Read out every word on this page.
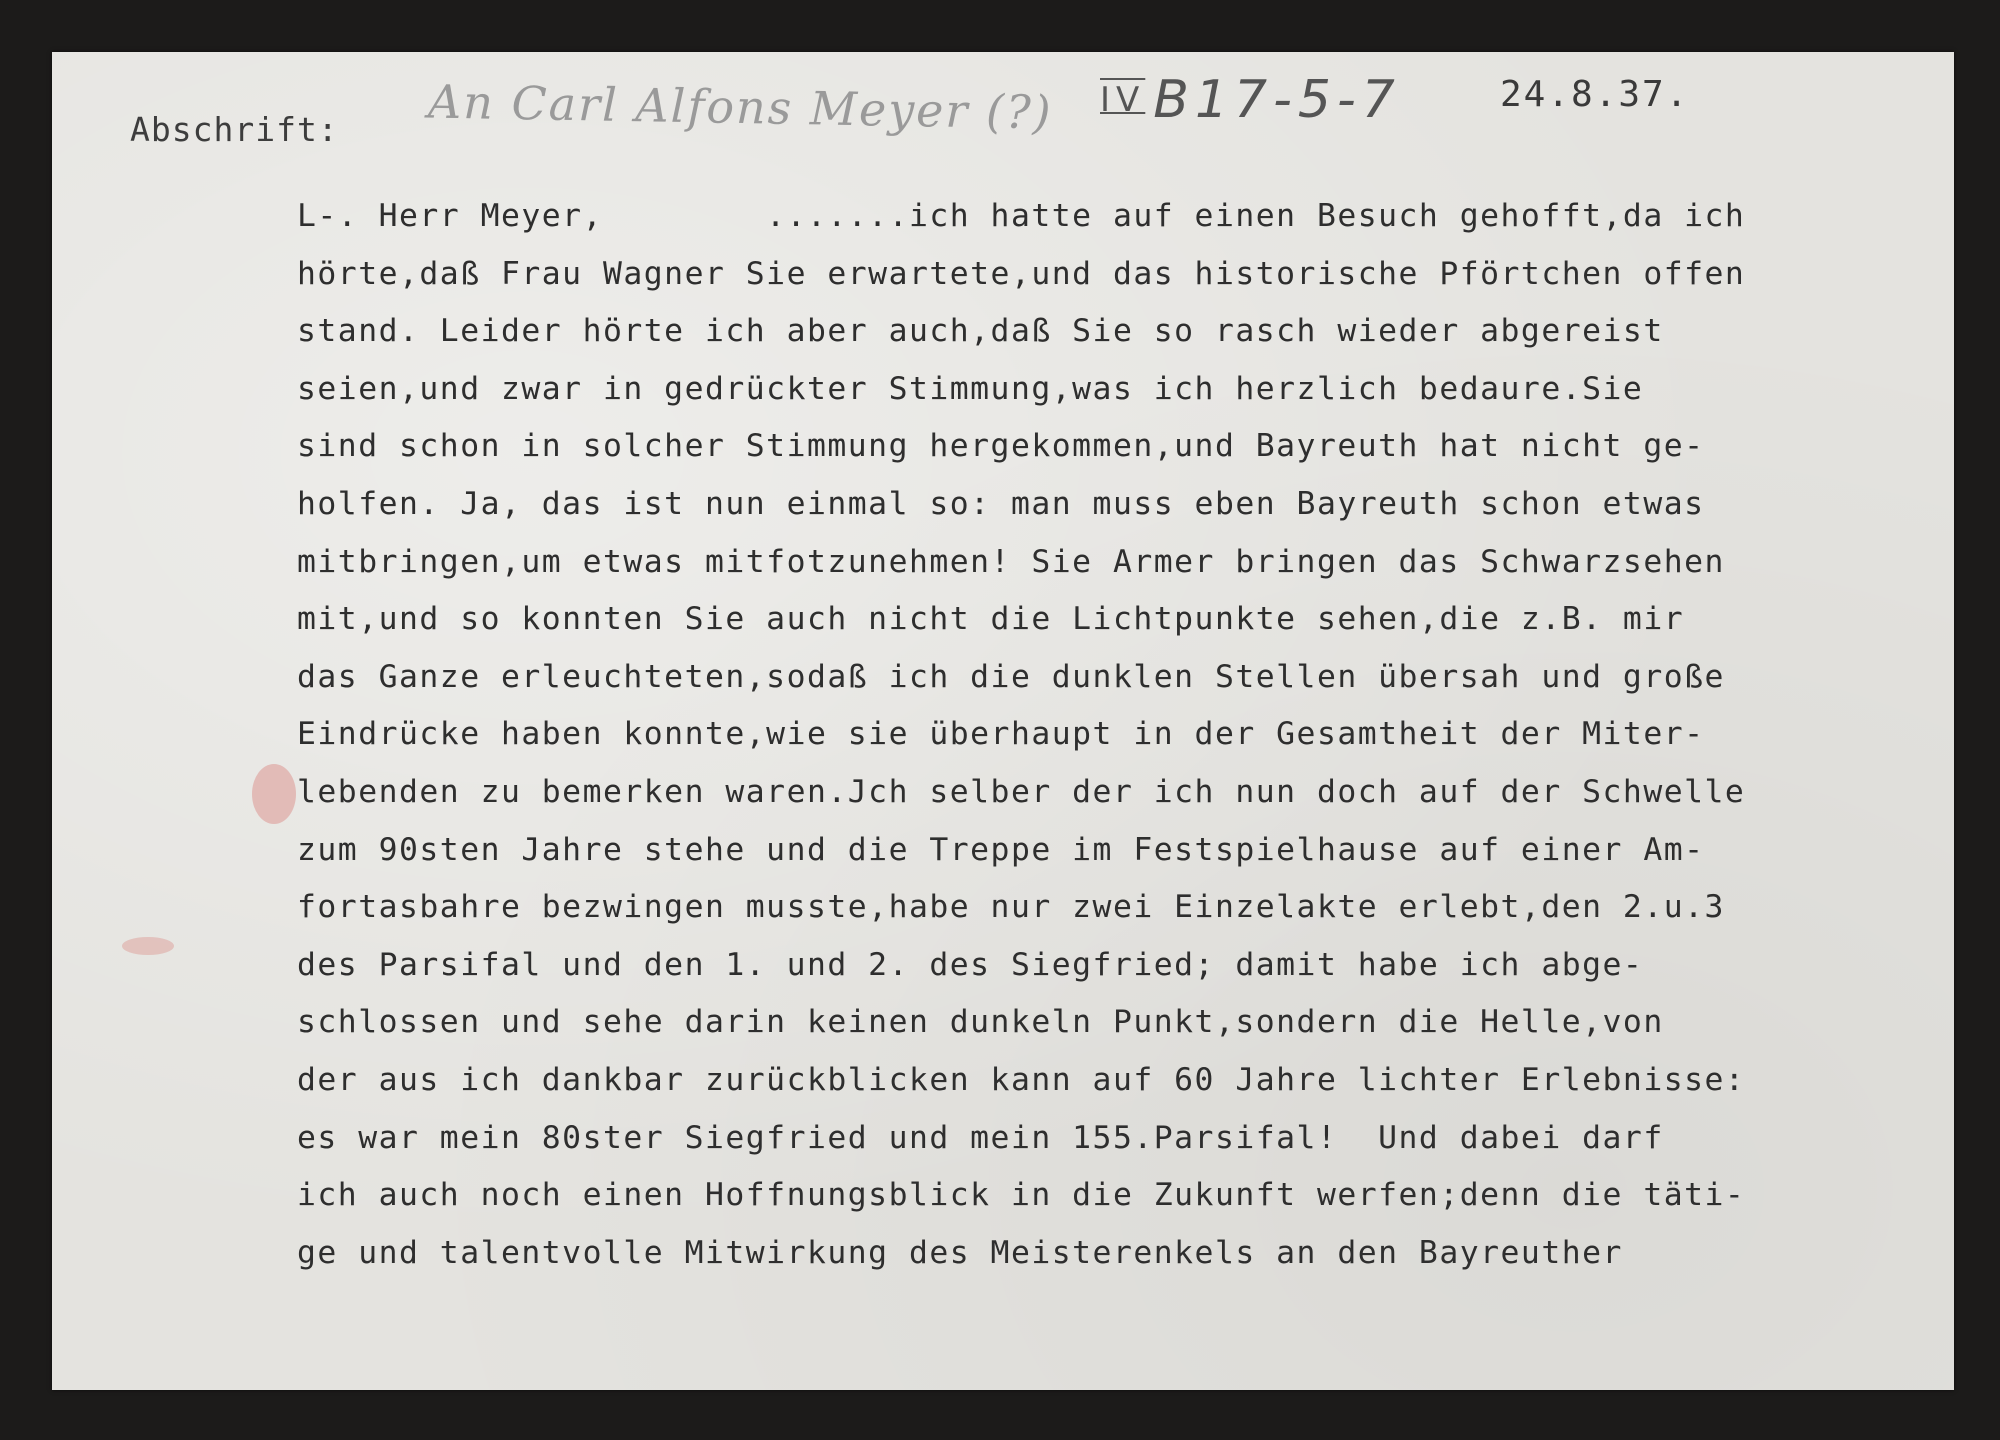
Abschrift: An Carl Alfons Meyer (?) IV B17-5-7	24.8.37.
L-. Herr Meyer,        .......ich hatte auf einen Besuch gehofft,da ich
hörte,daß Frau Wagner Sie erwartete,und das historische Pförtchen offen
stand. Leider hörte ich aber auch,daß Sie so rasch wieder abgereist
seien,und zwar in gedrückter Stimmung,was ich herzlich bedaure.Sie
sind schon in solcher Stimmung hergekommen,und Bayreuth hat nicht ge-
holfen. Ja, das ist nun einmal so: man muss eben Bayreuth schon etwas
mitbringen,um etwas mitfotzunehmen! Sie Armer bringen das Schwarzsehen
mit,und so konnten Sie auch nicht die Lichtpunkte sehen,die z.B. mir
das Ganze erleuchteten,sodaß ich die dunklen Stellen übersah und große
Eindrücke haben konnte,wie sie überhaupt in der Gesamtheit der Miter-
lebenden zu bemerken waren.Jch selber der ich nun doch auf der Schwelle
zum 90sten Jahre stehe und die Treppe im Festspielhause auf einer Am-
fortasbahre bezwingen musste,habe nur zwei Einzelakte erlebt,den 2.u.3
des Parsifal und den 1. und 2. des Siegfried; damit habe ich abge-
schlossen und sehe darin keinen dunkeln Punkt,sondern die Helle,von
der aus ich dankbar zurückblicken kann auf 60 Jahre lichter Erlebnisse:
es war mein 80ster Siegfried und mein 155.Parsifal!  Und dabei darf
ich auch noch einen Hoffnungsblick in die Zukunft werfen;denn die täti-
ge und talentvolle Mitwirkung des Meisterenkels an den Bayreuther
